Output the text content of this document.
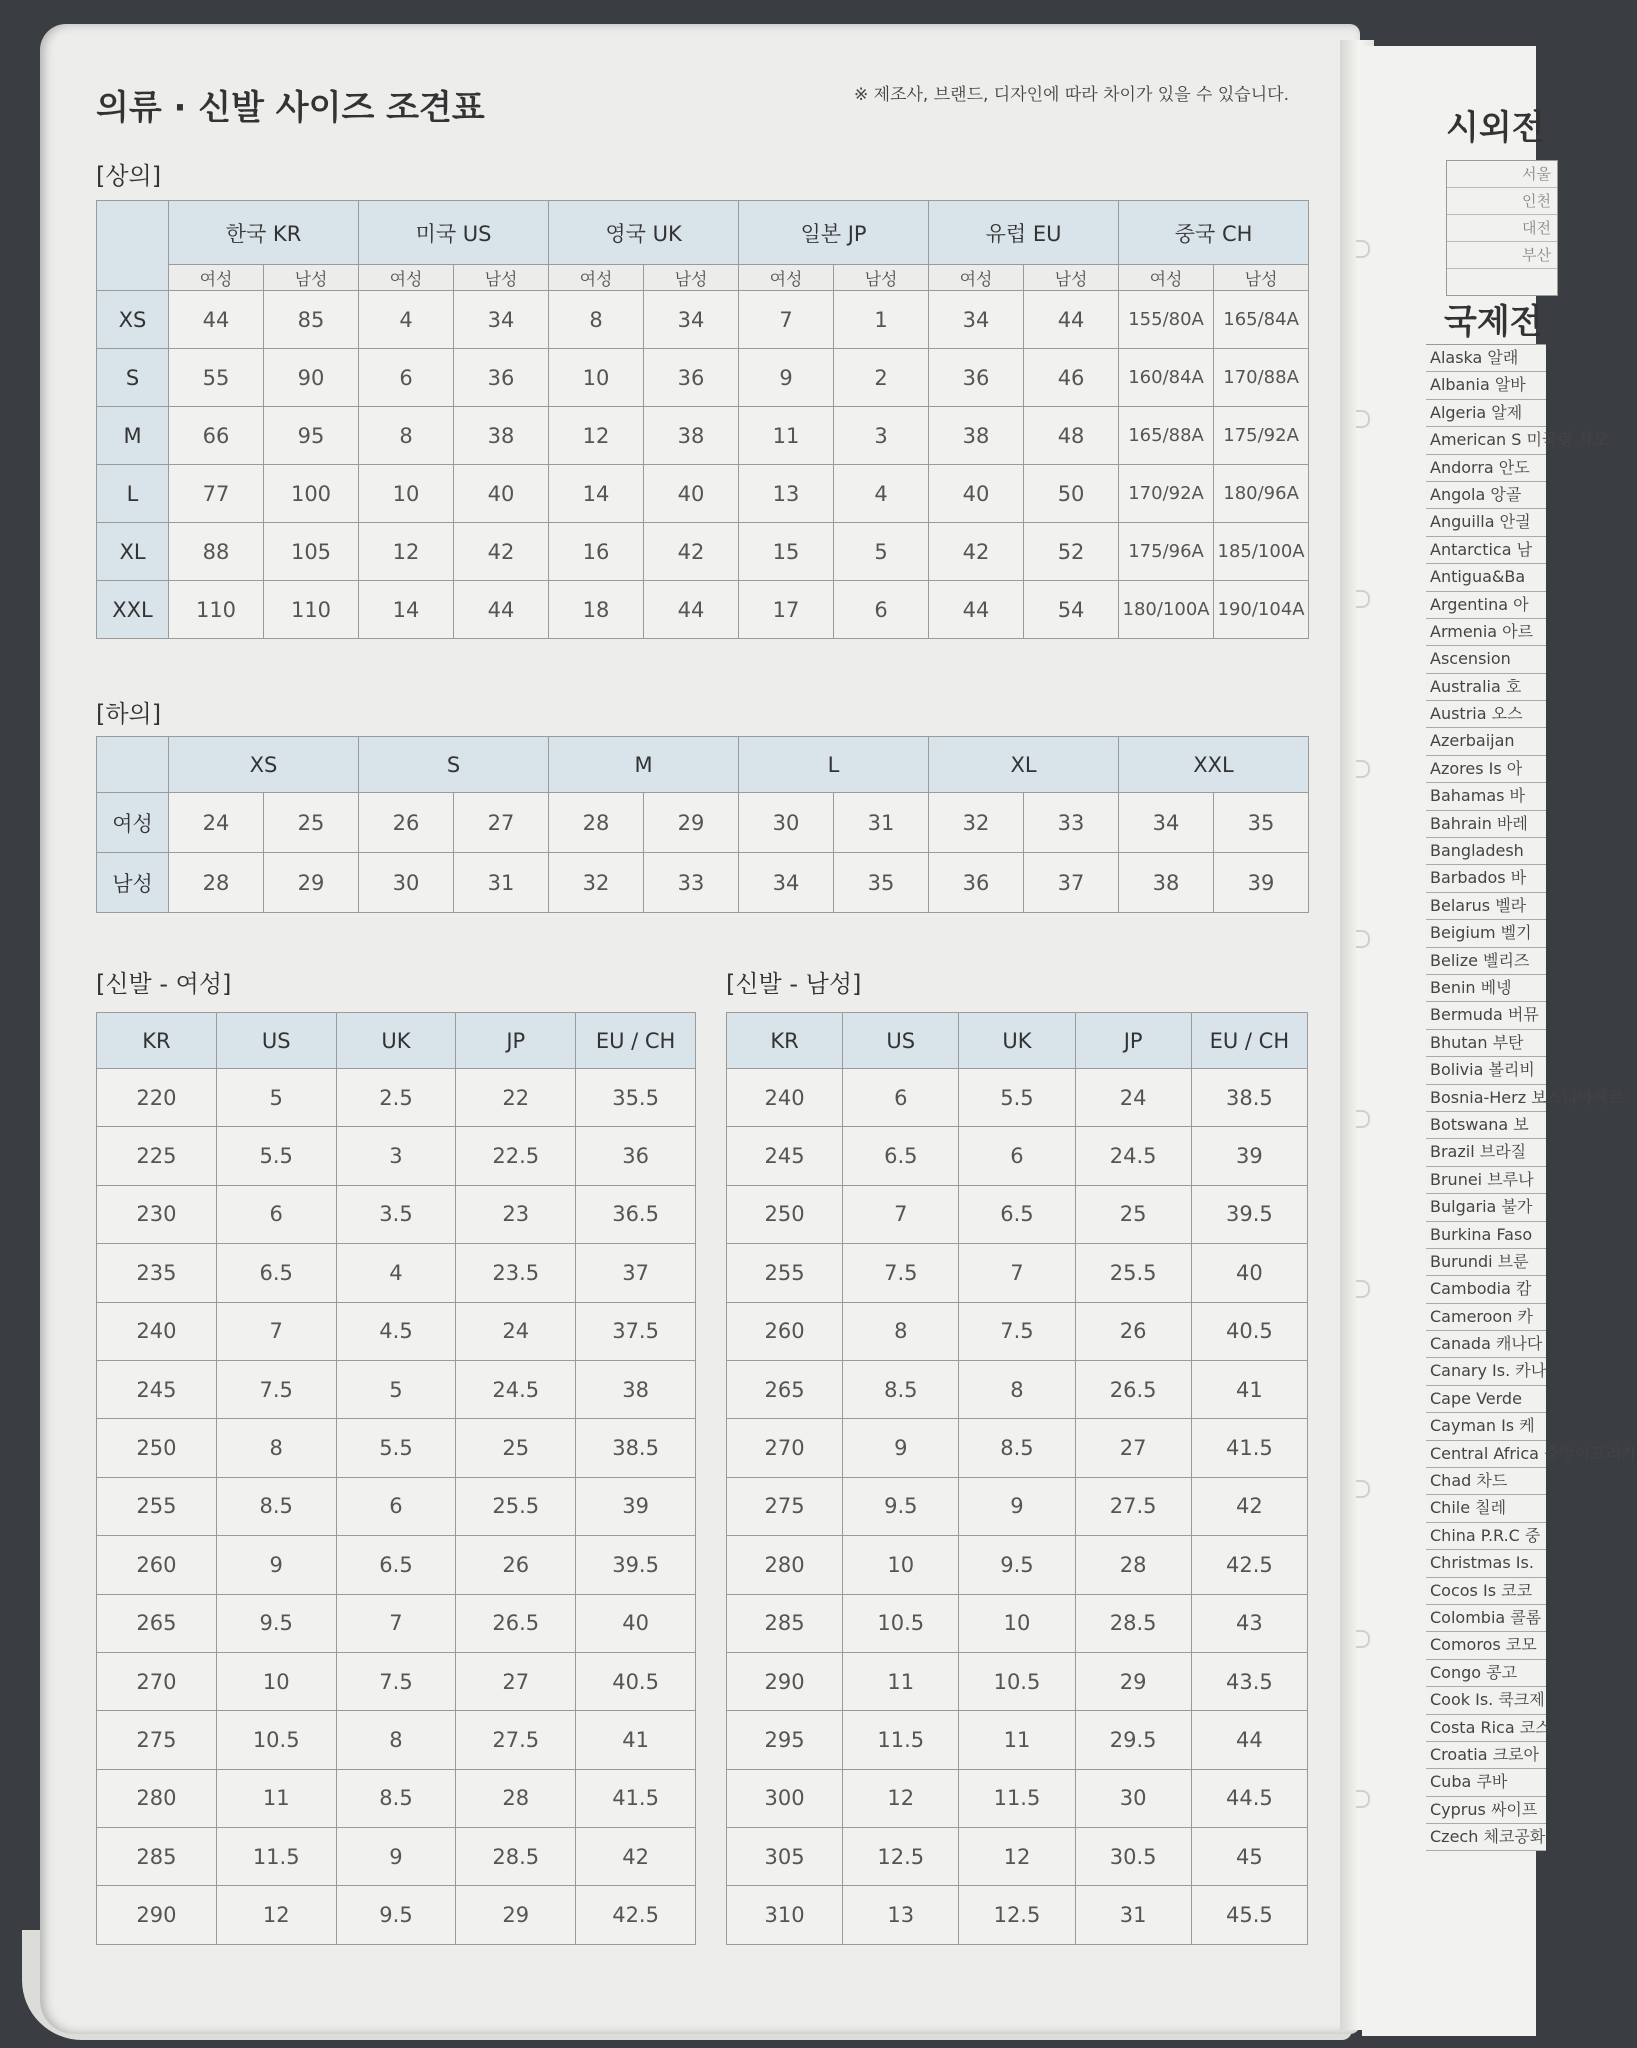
의류 · 신발 사이즈 조견표	※ 제조사, 브랜드, 디자인에 따라 차이가 있을 수 있습니다.
[상의]
	한국 KR		미국 US		영국 UK		일본 JP		유럽 EU		중국 CH	
	여성	남성	여성	남성	여성	남성	여성	남성	여성	남성	여성	남성
XS	44	85	4	34	8	34	7	1	34	44	155/80A	165/84A
S	55	90	6	36	10	36	9	2	36	46	160/84A	170/88A
M	66	95	8	38	12	38	11	3	38	48	165/88A	175/92A
L	77	100	10	40	14	40	13	4	40	50	170/92A	180/96A
XL	88	105	12	42	16	42	15	5	42	52	175/96A	185/100A
XXL	110	110	14	44	18	44	17	6	44	54	180/100A	190/104A
[하의]
	XS		S		M		L		XL		XXL	
여성	24	25	26	27	28	29	30	31	32	33	34	35
남성	28	29	30	31	32	33	34	35	36	37	38	39
[신발 - 여성]
KR	US	UK	JP	EU / CH
220	5	2.5	22	35.5
225	5.5	3	22.5	36
230	6	3.5	23	36.5
235	6.5	4	23.5	37
240	7	4.5	24	37.5
245	7.5	5	24.5	38
250	8	5.5	25	38.5
255	8.5	6	25.5	39
260	9	6.5	26	39.5
265	9.5	7	26.5	40
270	10	7.5	27	40.5
275	10.5	8	27.5	41
280	11	8.5	28	41.5
285	11.5	9	28.5	42
290	12	9.5	29	42.5
[신발 - 남성]
KR	US	UK	JP	EU / CH
240	6	5.5	24	38.5
245	6.5	6	24.5	39
250	7	6.5	25	39.5
255	7.5	7	25.5	40
260	8	7.5	26	40.5
265	8.5	8	26.5	41
270	9	8.5	27	41.5
275	9.5	9	27.5	42
280	10	9.5	28	42.5
285	10.5	10	28.5	43
290	11	10.5	29	43.5
295	11.5	11	29.5	44
300	12	11.5	30	44.5
305	12.5	12	30.5	45
310	13	12.5	31	45.5
시외전
서울
인천
대전
부산
국제전
Alaska 알래
Albania 알바
Algeria 알제
American S 미국령 사모
Andorra 안도
Angola 앙골
Anguilla 안긜
Antarctica 남
Antigua&Ba
Argentina 아
Armenia 아르
Ascension
Australia 호
Austria 오스
Azerbaijan
Azores Is 아
Bahamas 바
Bahrain 바레
Bangladesh
Barbados 바
Belarus 벨라
Beigium 벨기
Belize 벨리즈
Benin 베넹
Bermuda 버뮤
Bhutan 부탄
Bolivia 볼리비
Bosnia-Herz 보스니아헤르
Botswana 보
Brazil 브라질
Brunei 브루나
Bulgaria 불가
Burkina Faso
Burundi 브룬
Cambodia 캄
Cameroon 카
Canada 캐나다
Canary Is. 카나
Cape Verde
Cayman Is 케
Central Africa 중앙아프리카
Chad 차드
Chile 칠레
China P.R.C 중
Christmas Is.
Cocos Is 코코
Colombia 콜롬
Comoros 코모
Congo 콩고
Cook Is. 쿡크제
Costa Rica 코스
Croatia 크로아
Cuba 쿠바
Cyprus 싸이프
Czech 체코공화
